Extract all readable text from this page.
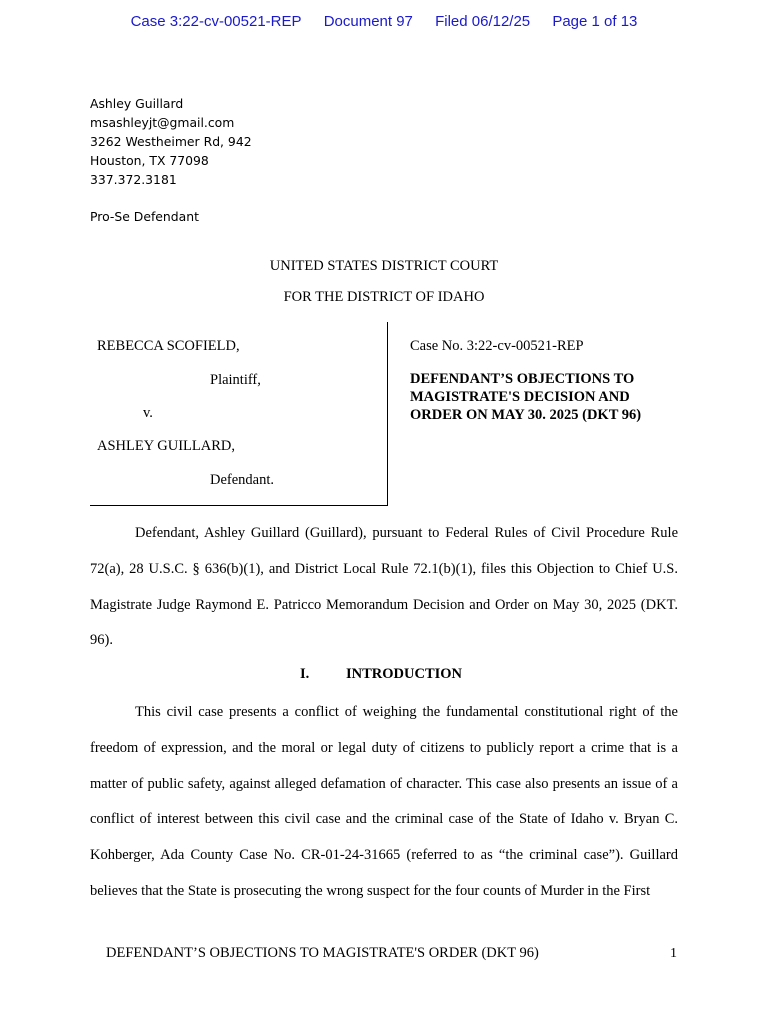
Case 3:22-cv-00521-REP Document 97 Filed 06/12/25 Page 1 of 13
Ashley Guillard
msashleyjt@gmail.com
3262 Westheimer Rd, 942
Houston, TX 77098
337.372.3181
Pro-Se Defendant
UNITED STATES DISTRICT COURT
FOR THE DISTRICT OF IDAHO
REBECCA SCOFIELD,
Plaintiff,
v.
ASHLEY GUILLARD,
Defendant.
Case No. 3:22-cv-00521-REP
DEFENDANT’S OBJECTIONS TO MAGISTRATE'S DECISION AND ORDER ON MAY 30. 2025 (DKT 96)
Defendant, Ashley Guillard (Guillard), pursuant to Federal Rules of Civil Procedure Rule 72(a), 28 U.S.C. § 636(b)(1), and District Local Rule 72.1(b)(1), files this Objection to Chief U.S. Magistrate Judge Raymond E. Patricco Memorandum Decision and Order on May 30, 2025 (DKT. 96).
I.	INTRODUCTION
This civil case presents a conflict of weighing the fundamental constitutional right of the freedom of expression, and the moral or legal duty of citizens to publicly report a crime that is a matter of public safety, against alleged defamation of character. This case also presents an issue of a conflict of interest between this civil case and the criminal case of the State of Idaho v. Bryan C. Kohberger, Ada County Case No. CR-01-24-31665 (referred to as “the criminal case”). Guillard believes that the State is prosecuting the wrong suspect for the four counts of Murder in the First
DEFENDANT’S OBJECTIONS TO MAGISTRATE'S ORDER (DKT 96)	1
